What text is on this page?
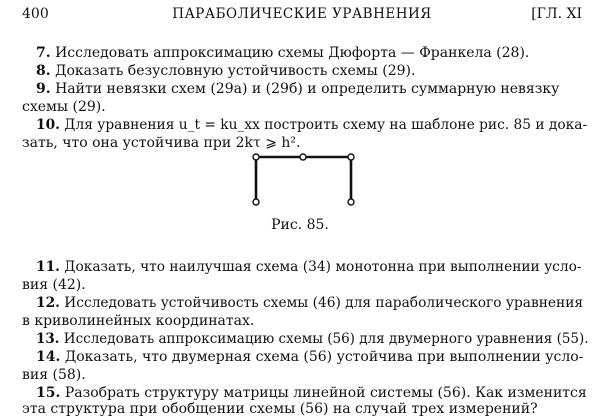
400	ПАРАБОЛИЧЕСКИЕ УРАВНЕНИЯ	[ГЛ. XI
7. Исследовать аппроксимацию схемы Дюфорта — Франкела (28).
8. Доказать безусловную устойчивость схемы (29).
9. Найти невязки схем (29а) и (29б) и определить суммарную невязку
схемы (29).
10. Для уравнения u_t = ku_xx построить схему на шаблоне рис. 85 и дока-
зать, что она устойчива при 2kτ ⩾ h².
Рис. 85.
11. Доказать, что наилучшая схема (34) монотонна при выполнении усло-
вия (42).
12. Исследовать устойчивость схемы (46) для параболического уравнения
в криволинейных координатах.
13. Исследовать аппроксимацию схемы (56) для двумерного уравнения (55).
14. Доказать, что двумерная схема (56) устойчива при выполнении усло-
вия (58).
15. Разобрать структуру матрицы линейной системы (56). Как изменится
эта структура при обобщении схемы (56) на случай трех измерений?
